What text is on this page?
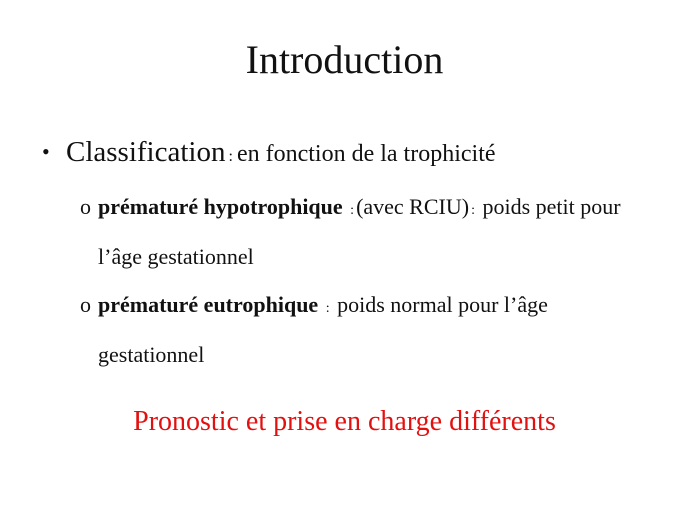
Introduction
• Classification : en fonction de la trophicité
o prématuré hypotrophique :(avec RCIU) : poids petit pour l’âge gestationnel
o prématuré eutrophique : poids normal pour l’âge gestationnel
Pronostic et prise en charge différents
